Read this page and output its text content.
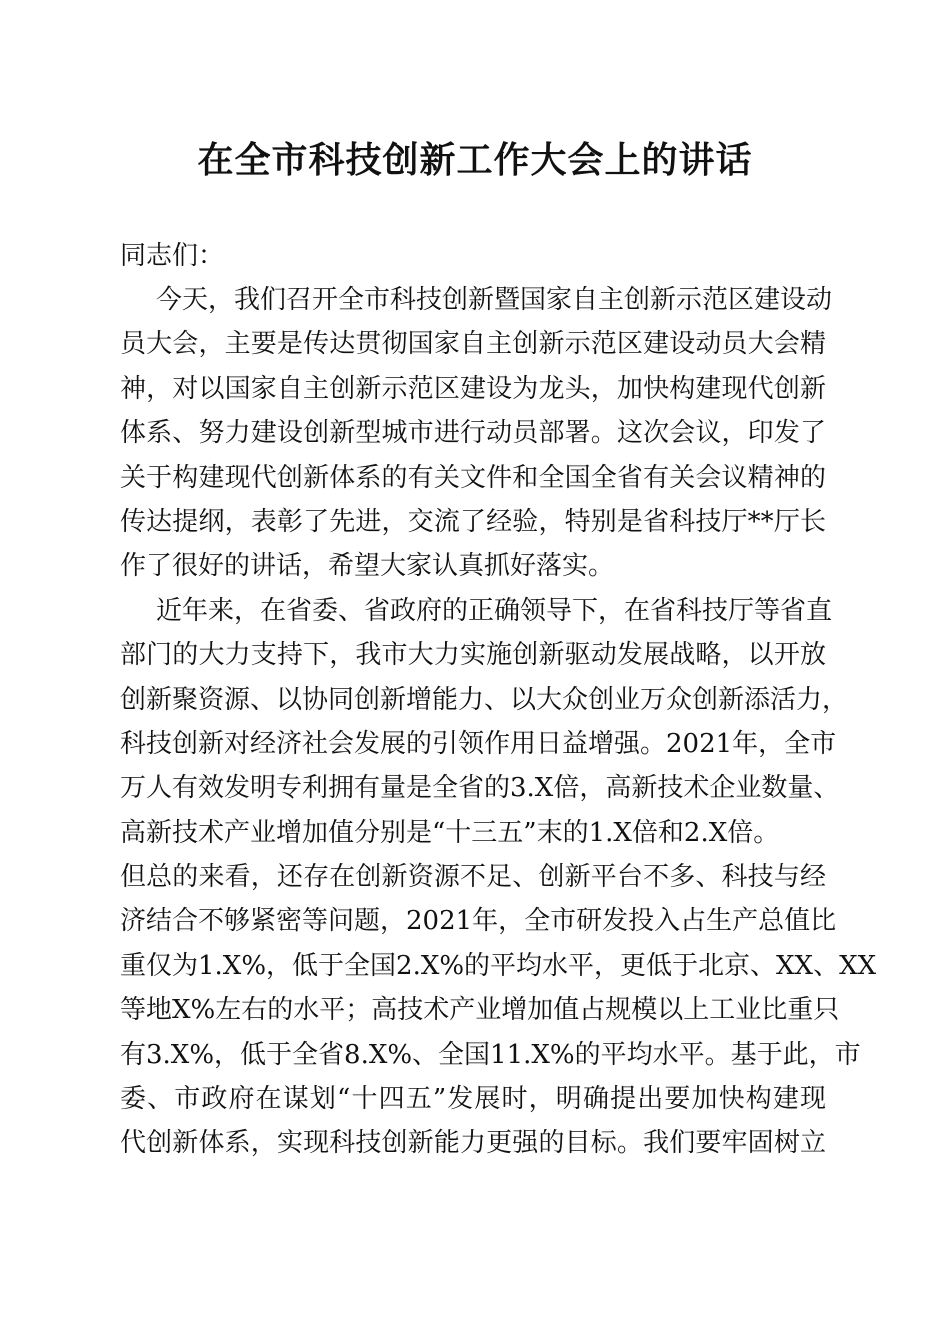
在全市科技创新工作大会上的讲话
同志们：
今天，我们召开全市科技创新暨国家自主创新示范区建设动
员大会，主要是传达贯彻国家自主创新示范区建设动员大会精
神，对以国家自主创新示范区建设为龙头，加快构建现代创新
体系、努力建设创新型城市进行动员部署。这次会议，印发了
关于构建现代创新体系的有关文件和全国全省有关会议精神的
传达提纲，表彰了先进，交流了经验，特别是省科技厅**厅长
作了很好的讲话，希望大家认真抓好落实。
近年来，在省委、省政府的正确领导下，在省科技厅等省直
部门的大力支持下，我市大力实施创新驱动发展战略，以开放
创新聚资源、以协同创新增能力、以大众创业万众创新添活力，
科技创新对经济社会发展的引领作用日益增强。2021年，全市
万人有效发明专利拥有量是全省的3.X倍，高新技术企业数量、
高新技术产业增加值分别是“十三五”末的1.X倍和2.X倍。
但总的来看，还存在创新资源不足、创新平台不多、科技与经
济结合不够紧密等问题，2021年，全市研发投入占生产总值比
重仅为1.X%，低于全国2.X%的平均水平，更低于北京、XX、XX
等地X%左右的水平；高技术产业增加值占规模以上工业比重只
有3.X%，低于全省8.X%、全国11.X%的平均水平。基于此，市
委、市政府在谋划“十四五”发展时，明确提出要加快构建现
代创新体系，实现科技创新能力更强的目标。我们要牢固树立
